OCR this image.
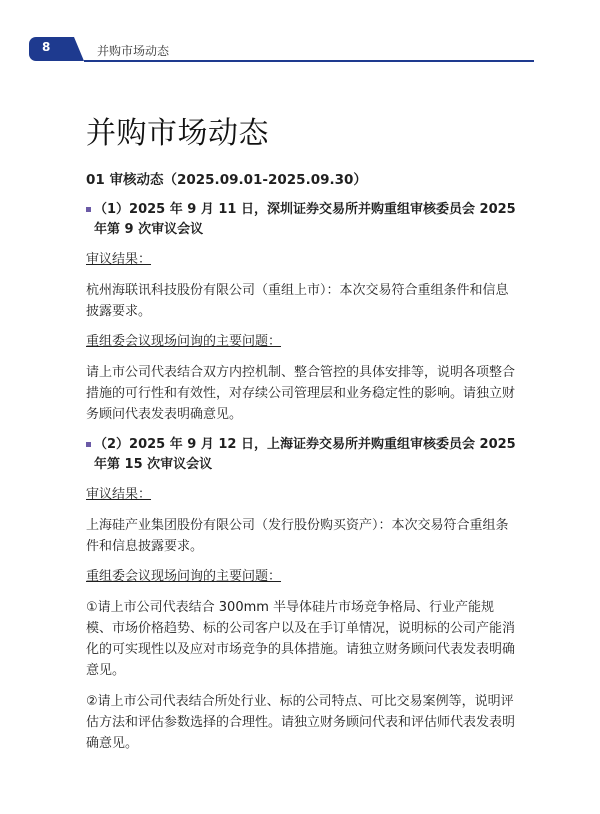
8	并购市场动态
并购市场动态
01 审核动态（2025.09.01-2025.09.30）
（1）2025 年 9 月 11 日，深圳证券交易所并购重组审核委员会 2025 年第 9 次审议会议
审议结果：
杭州海联讯科技股份有限公司（重组上市）：本次交易符合重组条件和信息披露要求。
重组委会议现场问询的主要问题：
请上市公司代表结合双方内控机制、整合管控的具体安排等，说明各项整合措施的可行性和有效性，对存续公司管理层和业务稳定性的影响。请独立财务顾问代表发表明确意见。
（2）2025 年 9 月 12 日，上海证券交易所并购重组审核委员会 2025 年第 15 次审议会议
审议结果：
上海硅产业集团股份有限公司（发行股份购买资产）：本次交易符合重组条件和信息披露要求。
重组委会议现场问询的主要问题：
①请上市公司代表结合 300mm 半导体硅片市场竞争格局、行业产能规模、市场价格趋势、标的公司客户以及在手订单情况，说明标的公司产能消化的可实现性以及应对市场竞争的具体措施。请独立财务顾问代表发表明确意见。
②请上市公司代表结合所处行业、标的公司特点、可比交易案例等，说明评估方法和评估参数选择的合理性。请独立财务顾问代表和评估师代表发表明确意见。
